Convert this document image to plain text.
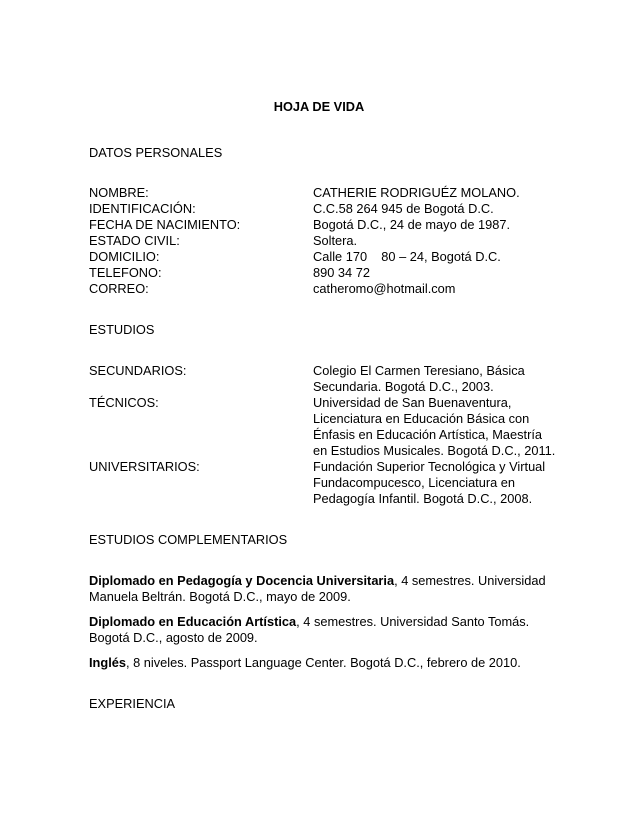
HOJA DE VIDA
DATOS PERSONALES
NOMBRE:	CATHERIE RODRIGUÉZ MOLANO.
IDENTIFICACIÓN:	C.C.58 264 945 de Bogotá D.C.
FECHA DE NACIMIENTO:	Bogotá D.C., 24 de mayo de 1987.
ESTADO CIVIL:	Soltera.
DOMICILIO:	Calle 170    80 – 24, Bogotá D.C.
TELEFONO:	890 34 72
CORREO:	catheromo@hotmail.com
ESTUDIOS
SECUNDARIOS:	Colegio El Carmen Teresiano, Básica
Secundaria. Bogotá D.C., 2003.
TÉCNICOS:	Universidad de San Buenaventura,
Licenciatura en Educación Básica con
Énfasis en Educación Artística, Maestría
en Estudios Musicales. Bogotá D.C., 2011.
UNIVERSITARIOS:	Fundación Superior Tecnológica y Virtual
Fundacompucesco, Licenciatura en
Pedagogía Infantil. Bogotá D.C., 2008.
ESTUDIOS COMPLEMENTARIOS
Diplomado en Pedagogía y Docencia Universitaria, 4 semestres. Universidad
Manuela Beltrán. Bogotá D.C., mayo de 2009.
Diplomado en Educación Artística, 4 semestres. Universidad Santo Tomás.
Bogotá D.C., agosto de 2009.
Inglés, 8 niveles. Passport Language Center. Bogotá D.C., febrero de 2010.
EXPERIENCIA
